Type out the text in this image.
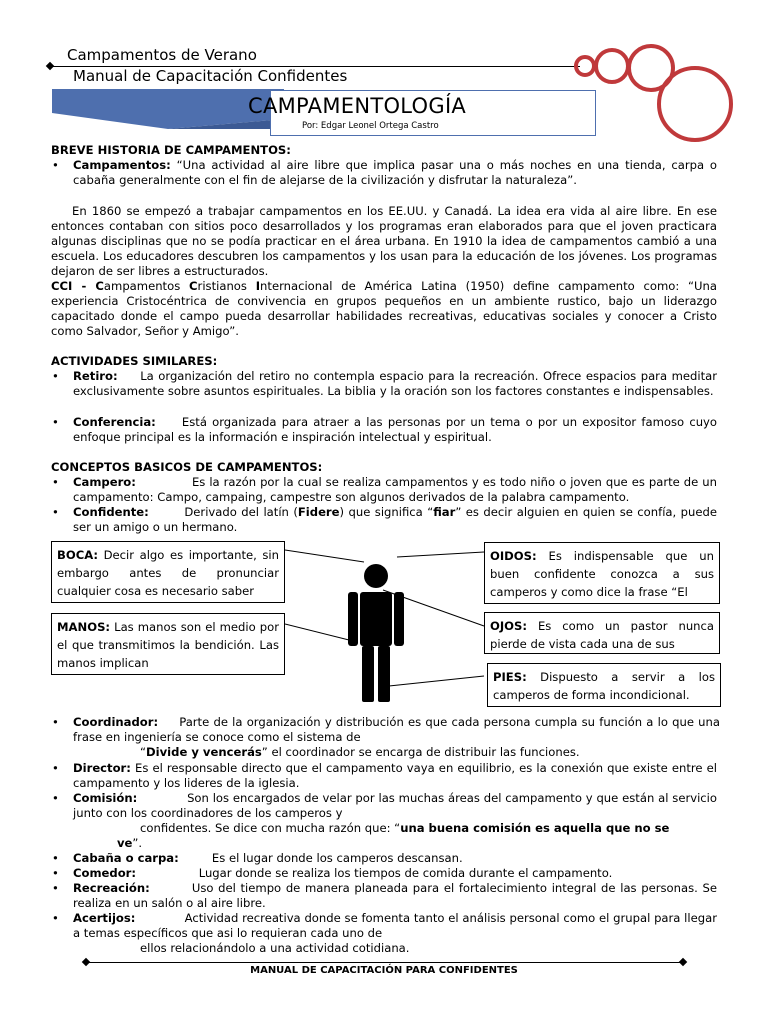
Campamentos de Verano
Manual de Capacitación Confidentes
CAMPAMENTOLOGÍA
Por: Edgar Leonel Ortega Castro
BREVE HISTORIA DE CAMPAMENTOS:
• Campamentos: “Una actividad al aire libre que implica pasar una o más noches en una tienda, carpa o cabaña generalmente con el fin de alejarse de la civilización y disfrutar la naturaleza”.
En 1860 se empezó a trabajar campamentos en los EE.UU. y Canadá. La idea era vida al aire libre. En ese entonces contaban con sitios poco desarrollados y los programas eran elaborados para que el joven practicara algunas disciplinas que no se podía practicar en el área urbana. En 1910 la idea de campamentos cambió a una escuela. Los educadores descubren los campamentos y los usan para la educación de los jóvenes. Los programas dejaron de ser libres a estructurados.
CCI - Campamentos Cristianos Internacional de América Latina (1950) define campamento como: “Una experiencia Cristocéntrica de convivencia en grupos pequeños en un ambiente rustico, bajo un liderazgo capacitado donde el campo pueda desarrollar habilidades recreativas, educativas sociales y conocer a Cristo como Salvador, Señor y Amigo”.
ACTIVIDADES SIMILARES:
• Retiro: La organización del retiro no contempla espacio para la recreación. Ofrece espacios para meditar exclusivamente sobre asuntos espirituales. La biblia y la oración son los factores constantes e indispensables.
• Conferencia: Está organizada para atraer a las personas por un tema o por un expositor famoso cuyo enfoque principal es la información e inspiración intelectual y espiritual.
CONCEPTOS BASICOS DE CAMPAMENTOS:
• Campero:	Es la razón por la cual se realiza campamentos y es todo niño o joven que es parte de un campamento: Campo, campaing, campestre son algunos derivados de la palabra campamento.
• Confidente:	Derivado del latín (Fidere) que significa “fiar” es decir alguien en quien se confía, puede ser un amigo o un hermano.
BOCA: Decir algo es importante, sin embargo antes de pronunciar cualquier cosa es necesario saber
MANOS: Las manos son el medio por el que transmitimos la bendición. Las manos implican
OIDOS: Es indispensable que un buen confidente conozca a sus camperos y como dice la frase “El
OJOS: Es como un pastor nunca pierde de vista cada una de sus
PIES: Dispuesto a servir a los camperos de forma incondicional.
• Coordinador: Parte de la organización y distribución es que cada persona cumpla su función a lo que una frase en ingeniería se conoce como el sistema de
“Divide y vencerás” el coordinador se encarga de distribuir las funciones.
• Director: Es el responsable directo que el campamento vaya en equilibrio, es la conexión que existe entre el campamento y los lideres de la iglesia.
• Comisión:	Son los encargados de velar por las muchas áreas del campamento y que están al servicio junto con los coordinadores de los camperos y
confidentes. Se dice con mucha razón que: “una buena comisión es aquella que no se
ve”.
• Cabaña o carpa:	Es el lugar donde los camperos descansan.
• Comedor:	Lugar donde se realiza los tiempos de comida durante el campamento.
• Recreación:	Uso del tiempo de manera planeada para el fortalecimiento integral de las personas. Se realiza en un salón o al aire libre.
• Acertijos:	Actividad recreativa donde se fomenta tanto el análisis personal como el grupal para llegar a temas específicos que asi lo requieran cada uno de
ellos relacionándolo a una actividad cotidiana.
MANUAL DE CAPACITACIÓN PARA CONFIDENTES
